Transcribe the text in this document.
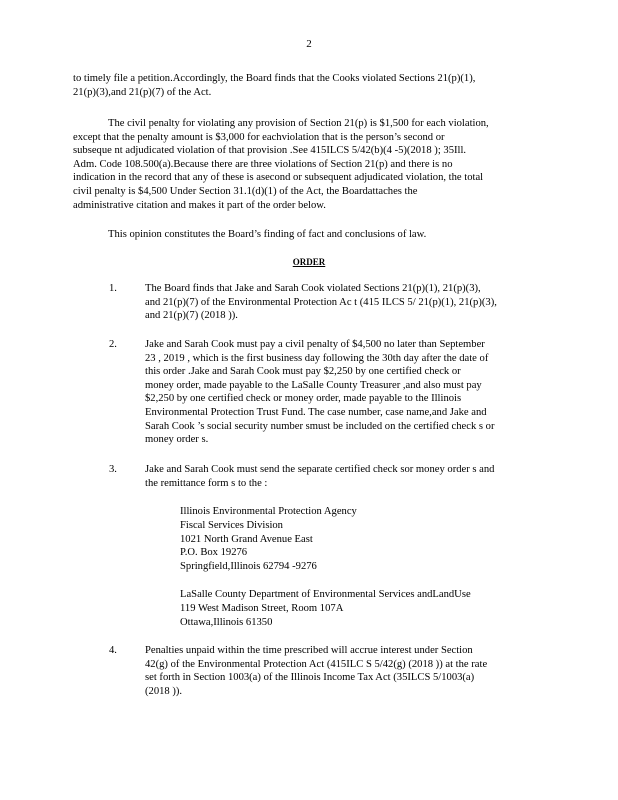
2
to timely file a petition.Accordingly, the Board finds that the Cooks violated Sections 21(p)(1),
21(p)(3),and 21(p)(7) of the Act.
The civil penalty for violating any provision of Section 21(p) is $1,500 for each violation,
except that the penalty amount is $3,000 for eachviolation that is the person’s second or
subseque nt adjudicated violation of that provision .See 415ILCS 5/42(b)(4 -5)(2018 ); 35Ill.
Adm. Code 108.500(a).Because there are three violations of Section 21(p) and there is no
indication in the record that any of these is asecond or subsequent adjudicated violation, the total
civil penalty is $4,500 Under Section 31.1(d)(1) of the Act, the Boardattaches the
administrative citation and makes it part of the order below.
This opinion constitutes the Board’s finding of fact and conclusions of law.
ORDER
1.	The Board finds that Jake and Sarah Cook violated Sections 21(p)(1), 21(p)(3),
and 21(p)(7) of the Environmental Protection Ac t (415 ILCS 5/ 21(p)(1), 21(p)(3),
and 21(p)(7) (2018 )).
2.	Jake and Sarah Cook must pay a civil penalty of $4,500 no later than September
23 , 2019 , which is the first business day following the 30th day after the date of
this order .Jake and Sarah Cook must pay $2,250 by one certified check or
money order, made payable to the LaSalle County Treasurer ,and also must pay
$2,250 by one certified check or money order, made payable to the Illinois
Environmental Protection Trust Fund. The case number, case name,and Jake and
Sarah Cook ’s social security number smust be included on the certified check s or
money order s.
3.	Jake and Sarah Cook must send the separate certified check sor money order s and
the remittance form s to the :
Illinois Environmental Protection Agency
Fiscal Services Division
1021 North Grand Avenue East
P.O. Box 19276
Springfield,Illinois 62794 -9276
LaSalle County Department of Environmental Services andLandUse
119 West Madison Street, Room 107A
Ottawa,Illinois 61350
4.	Penalties unpaid within the time prescribed will accrue interest under Section
42(g) of the Environmental Protection Act (415ILC S 5/42(g) (2018 )) at the rate
set forth in Section 1003(a) of the Illinois Income Tax Act (35ILCS 5/1003(a)
(2018 )).
